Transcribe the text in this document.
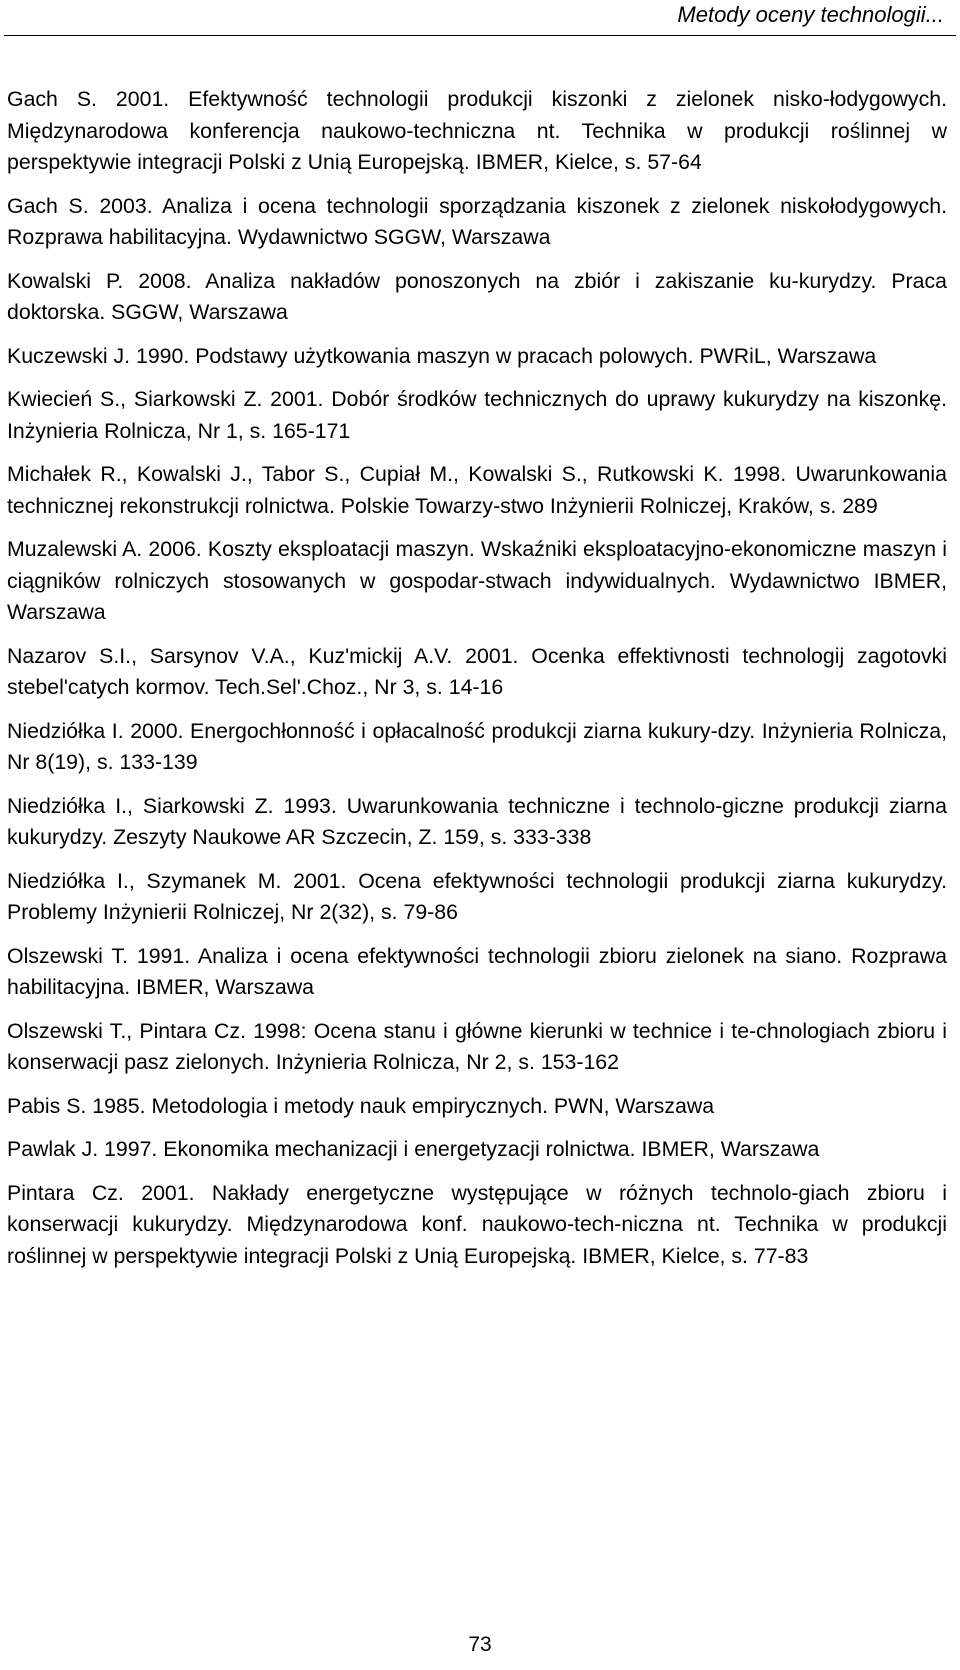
Metody oceny technologii...

Gach S. 2001. Efektywność technologii produkcji kiszonki z zielonek nisko-łodygowych. Międzynarodowa konferencja naukowo-techniczna nt. Technika w produkcji roślinnej w perspektywie integracji Polski z Unią Europejską. IBMER, Kielce, s. 57-64

Gach S. 2003. Analiza i ocena technologii sporządzania kiszonek z zielonek niskołodygowych. Rozprawa habilitacyjna. Wydawnictwo SGGW, Warszawa

Kowalski P. 2008. Analiza nakładów ponoszonych na zbiór i zakiszanie ku-kurydzy. Praca doktorska. SGGW, Warszawa

Kuczewski J. 1990. Podstawy użytkowania maszyn w pracach polowych. PWRiL, Warszawa

Kwiecień S., Siarkowski Z. 2001. Dobór środków technicznych do uprawy kukurydzy na kiszonkę. Inżynieria Rolnicza, Nr 1, s. 165-171

Michałek R., Kowalski J., Tabor S., Cupiał M., Kowalski S., Rutkowski K. 1998. Uwarunkowania technicznej rekonstrukcji rolnictwa. Polskie Towarzy-stwo Inżynierii Rolniczej, Kraków, s. 289

Muzalewski A. 2006. Koszty eksploatacji maszyn. Wskaźniki eksploatacyjno-ekonomiczne maszyn i ciągników rolniczych stosowanych w gospodar-stwach indywidualnych. Wydawnictwo IBMER, Warszawa

Nazarov S.I., Sarsynov V.A., Kuz'mickij A.V. 2001. Ocenka effektivnosti technologij zagotovki stebel'catych kormov. Tech.Sel'.Choz., Nr 3, s. 14-16

Niedziółka I. 2000. Energochłonność i opłacalność produkcji ziarna kukury-dzy. Inżynieria Rolnicza, Nr 8(19), s. 133-139

Niedziółka I., Siarkowski Z. 1993. Uwarunkowania techniczne i technolo-giczne produkcji ziarna kukurydzy. Zeszyty Naukowe AR Szczecin, Z. 159, s. 333-338

Niedziółka I., Szymanek M. 2001. Ocena efektywności technologii produkcji ziarna kukurydzy. Problemy Inżynierii Rolniczej, Nr 2(32), s. 79-86

Olszewski T. 1991. Analiza i ocena efektywności technologii zbioru zielonek na siano. Rozprawa habilitacyjna. IBMER, Warszawa

Olszewski T., Pintara Cz. 1998: Ocena stanu i główne kierunki w technice i te-chnologiach zbioru i konserwacji pasz zielonych. Inżynieria Rolnicza, Nr 2, s. 153-162

Pabis S. 1985. Metodologia i metody nauk empirycznych. PWN, Warszawa

Pawlak J. 1997. Ekonomika mechanizacji i energetyzacji rolnictwa. IBMER, Warszawa

Pintara Cz. 2001. Nakłady energetyczne występujące w różnych technolo-giach zbioru i konserwacji kukurydzy. Międzynarodowa konf. naukowo-tech-niczna nt. Technika w produkcji roślinnej w perspektywie integracji Polski z Unią Europejską. IBMER, Kielce, s. 77-83

73
